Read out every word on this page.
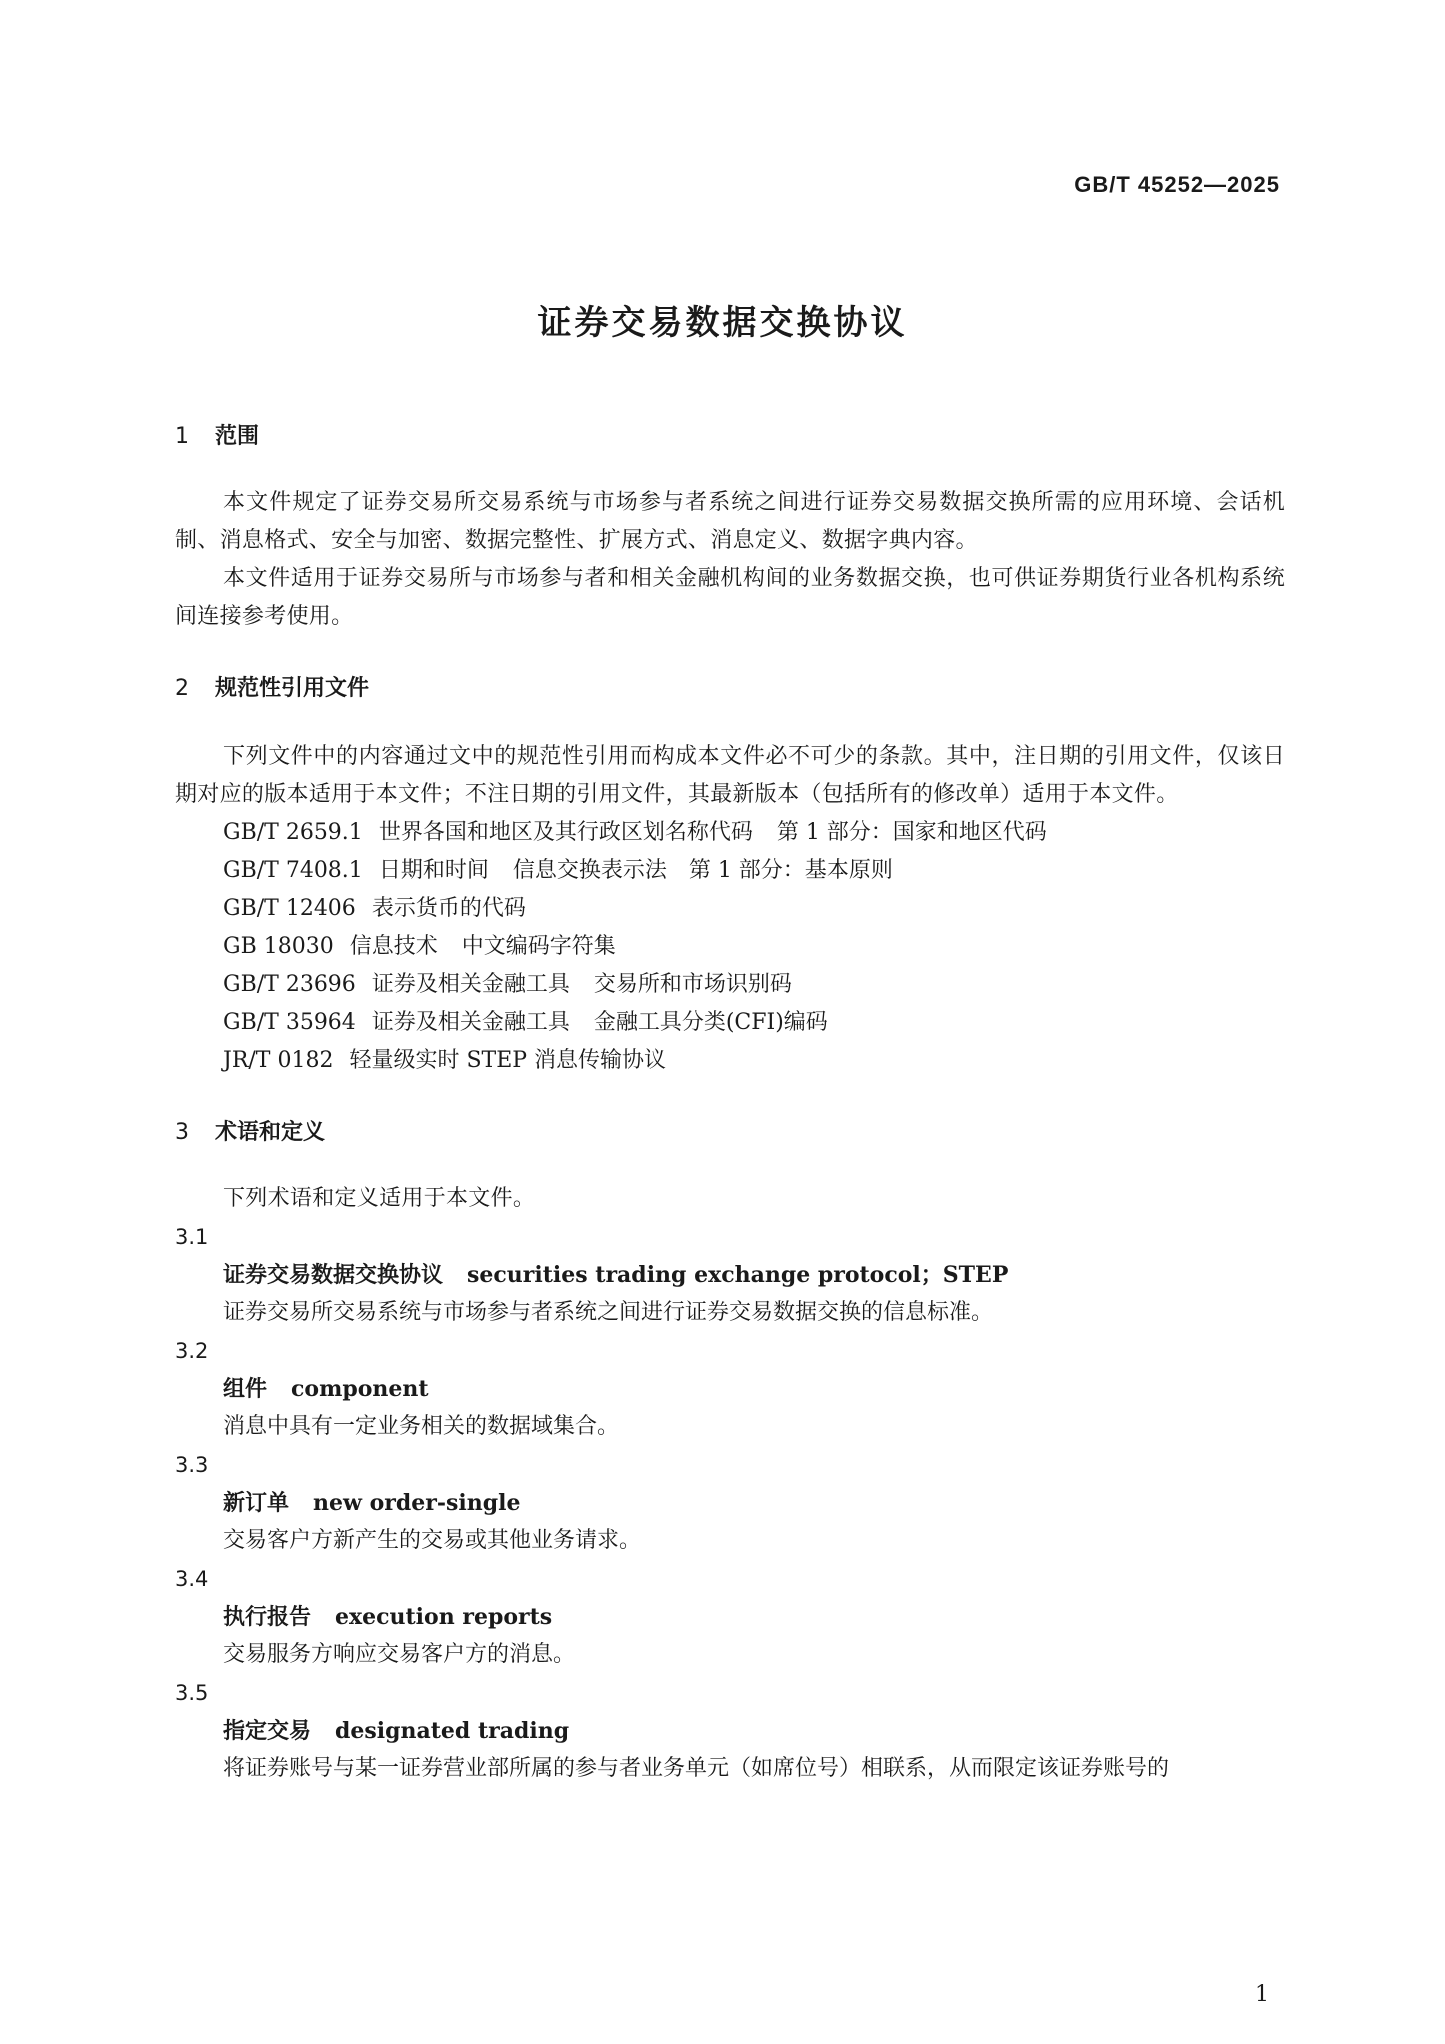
GB/T 45252—2025
证券交易数据交换协议
1 范围
本文件规定了证券交易所交易系统与市场参与者系统之间进行证券交易数据交换所需的应用环境、会话机制、消息格式、安全与加密、数据完整性、扩展方式、消息定义、数据字典内容。
本文件适用于证券交易所与市场参与者和相关金融机构间的业务数据交换，也可供证券期货行业各机构系统间连接参考使用。
2 规范性引用文件
下列文件中的内容通过文中的规范性引用而构成本文件必不可少的条款。其中，注日期的引用文件，仅该日期对应的版本适用于本文件；不注日期的引用文件，其最新版本（包括所有的修改单）适用于本文件。
GB/T 2659.1 世界各国和地区及其行政区划名称代码 第 1 部分：国家和地区代码
GB/T 7408.1 日期和时间 信息交换表示法　第 1 部分：基本原则
GB/T 12406 表示货币的代码
GB 18030 信息技术 中文编码字符集
GB/T 23696 证券及相关金融工具 交易所和市场识别码
GB/T 35964 证券及相关金融工具 金融工具分类(CFI)编码
JR/T 0182 轻量级实时 STEP 消息传输协议
3 术语和定义
下列术语和定义适用于本文件。
3.1
证券交易数据交换协议 securities trading exchange protocol；STEP
证券交易所交易系统与市场参与者系统之间进行证券交易数据交换的信息标准。
3.2
组件 component
消息中具有一定业务相关的数据域集合。
3.3
新订单 new order-single
交易客户方新产生的交易或其他业务请求。
3.4
执行报告 execution reports
交易服务方响应交易客户方的消息。
3.5
指定交易 designated trading
将证券账号与某一证券营业部所属的参与者业务单元（如席位号）相联系，从而限定该证券账号的
1
